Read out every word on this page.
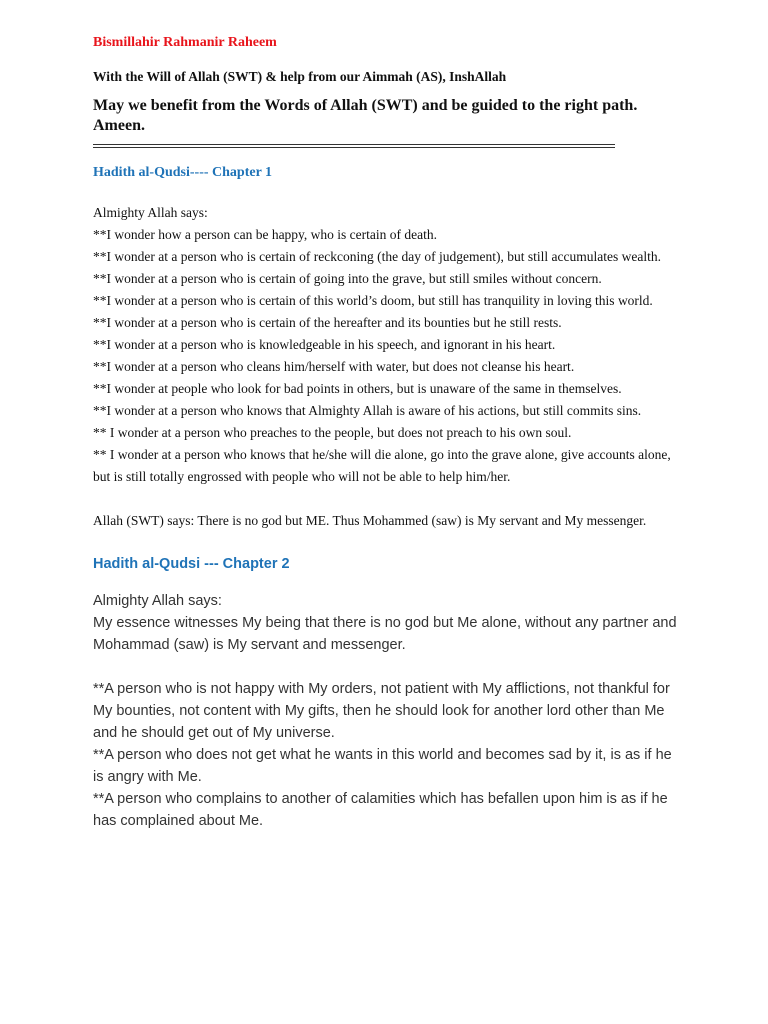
Bismillahir Rahmanir Raheem

With the Will of Allah (SWT) & help from our Aimmah (AS), InshAllah

May we benefit from the Words of Allah (SWT) and be guided to the right path. Ameen.

Hadith al-Qudsi---- Chapter 1

Almighty Allah says:

**I wonder how a person can be happy, who is certain of death.

**I wonder at a person who is certain of reckconing (the day of judgement), but still accumulates wealth.

**I wonder at a person who is certain of going into the grave, but still smiles without concern.

**I wonder at a person who is certain of this world’s doom, but still has tranquility in loving this world.

**I wonder at a person who is certain of the hereafter and its bounties but he still rests.

**I wonder at a person who is knowledgeable in his speech, and ignorant in his heart.

**I wonder at a person who cleans him/herself with water, but does not cleanse his heart.

**I wonder at people who look for bad points in others, but is unaware of the same in themselves.

**I wonder at a person who knows that Almighty Allah is aware of his actions, but still commits sins.

** I wonder at a person who preaches to the people, but does not preach to his own soul.

** I wonder at a person who knows that he/she will die alone, go into the grave alone, give accounts alone, but is still totally engrossed with people who will not be able to help him/her.

Allah (SWT) says: There is no god but ME. Thus Mohammed (saw) is My servant and My messenger.

Hadith al-Qudsi --- Chapter 2

Almighty Allah says:

My essence witnesses My being that there is no god but Me alone, without any partner and Mohammad (saw) is My servant and messenger.

**A person who is not happy with My orders, not patient with My afflictions, not thankful for My bounties, not content with My gifts, then he should look for another lord other than Me and he should get out of My universe.

**A person who does not get what he wants in this world and becomes sad by it, is as if he is angry with Me.

**A person who complains to another of calamities which has befallen upon him is as if he has complained about Me.
